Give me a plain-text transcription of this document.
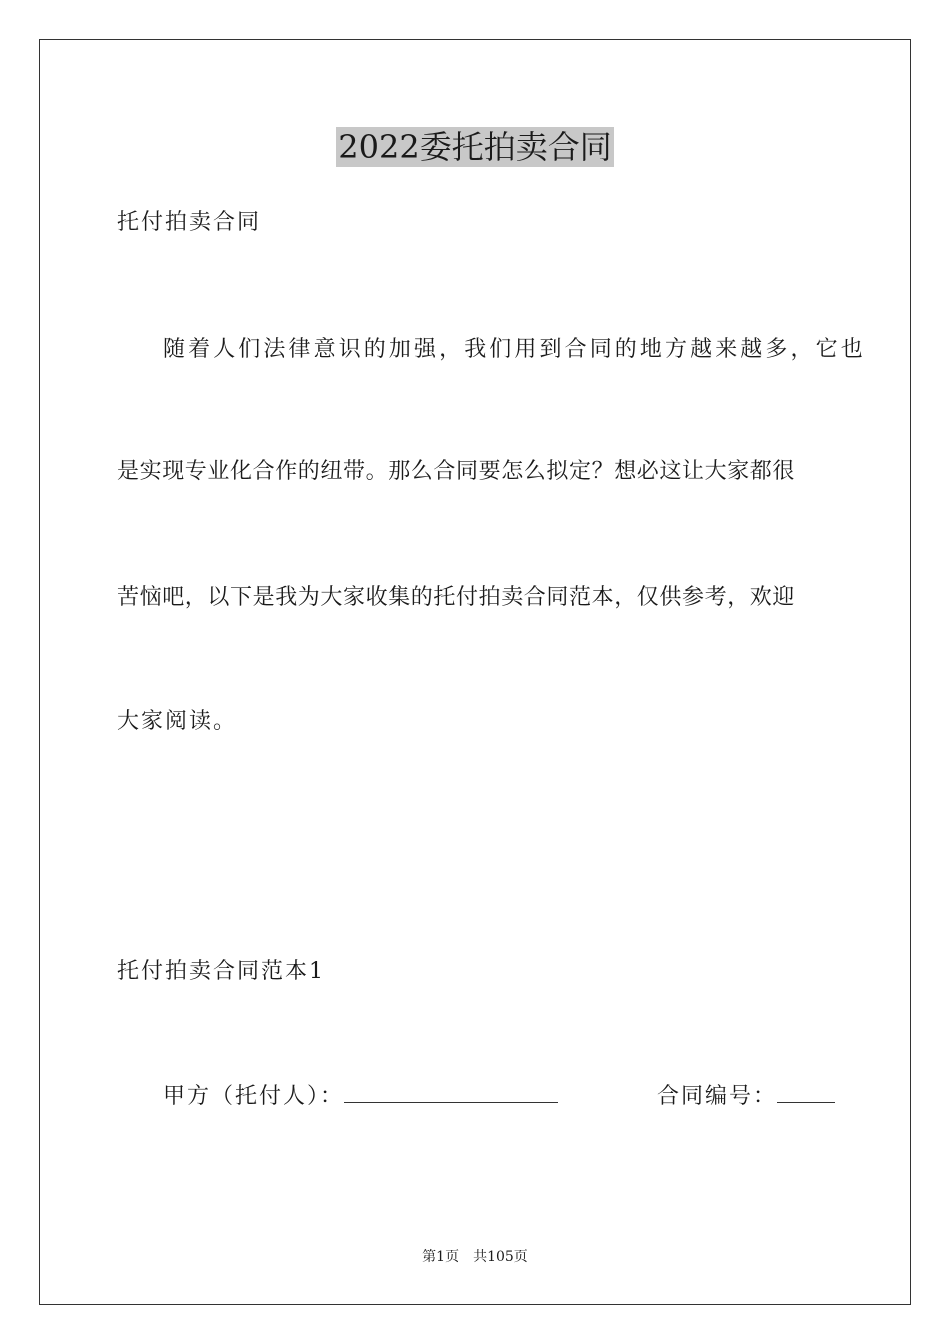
2022委托拍卖合同
托付拍卖合同
随着人们法律意识的加强，我们用到合同的地方越来越多，它也
是实现专业化合作的纽带。那么合同要怎么拟定？想必这让大家都很
苦恼吧，以下是我为大家收集的托付拍卖合同范本，仅供参考，欢迎
大家阅读。
托付拍卖合同范本1
甲方（托付人）：	合同编号：
第1页　共105页
